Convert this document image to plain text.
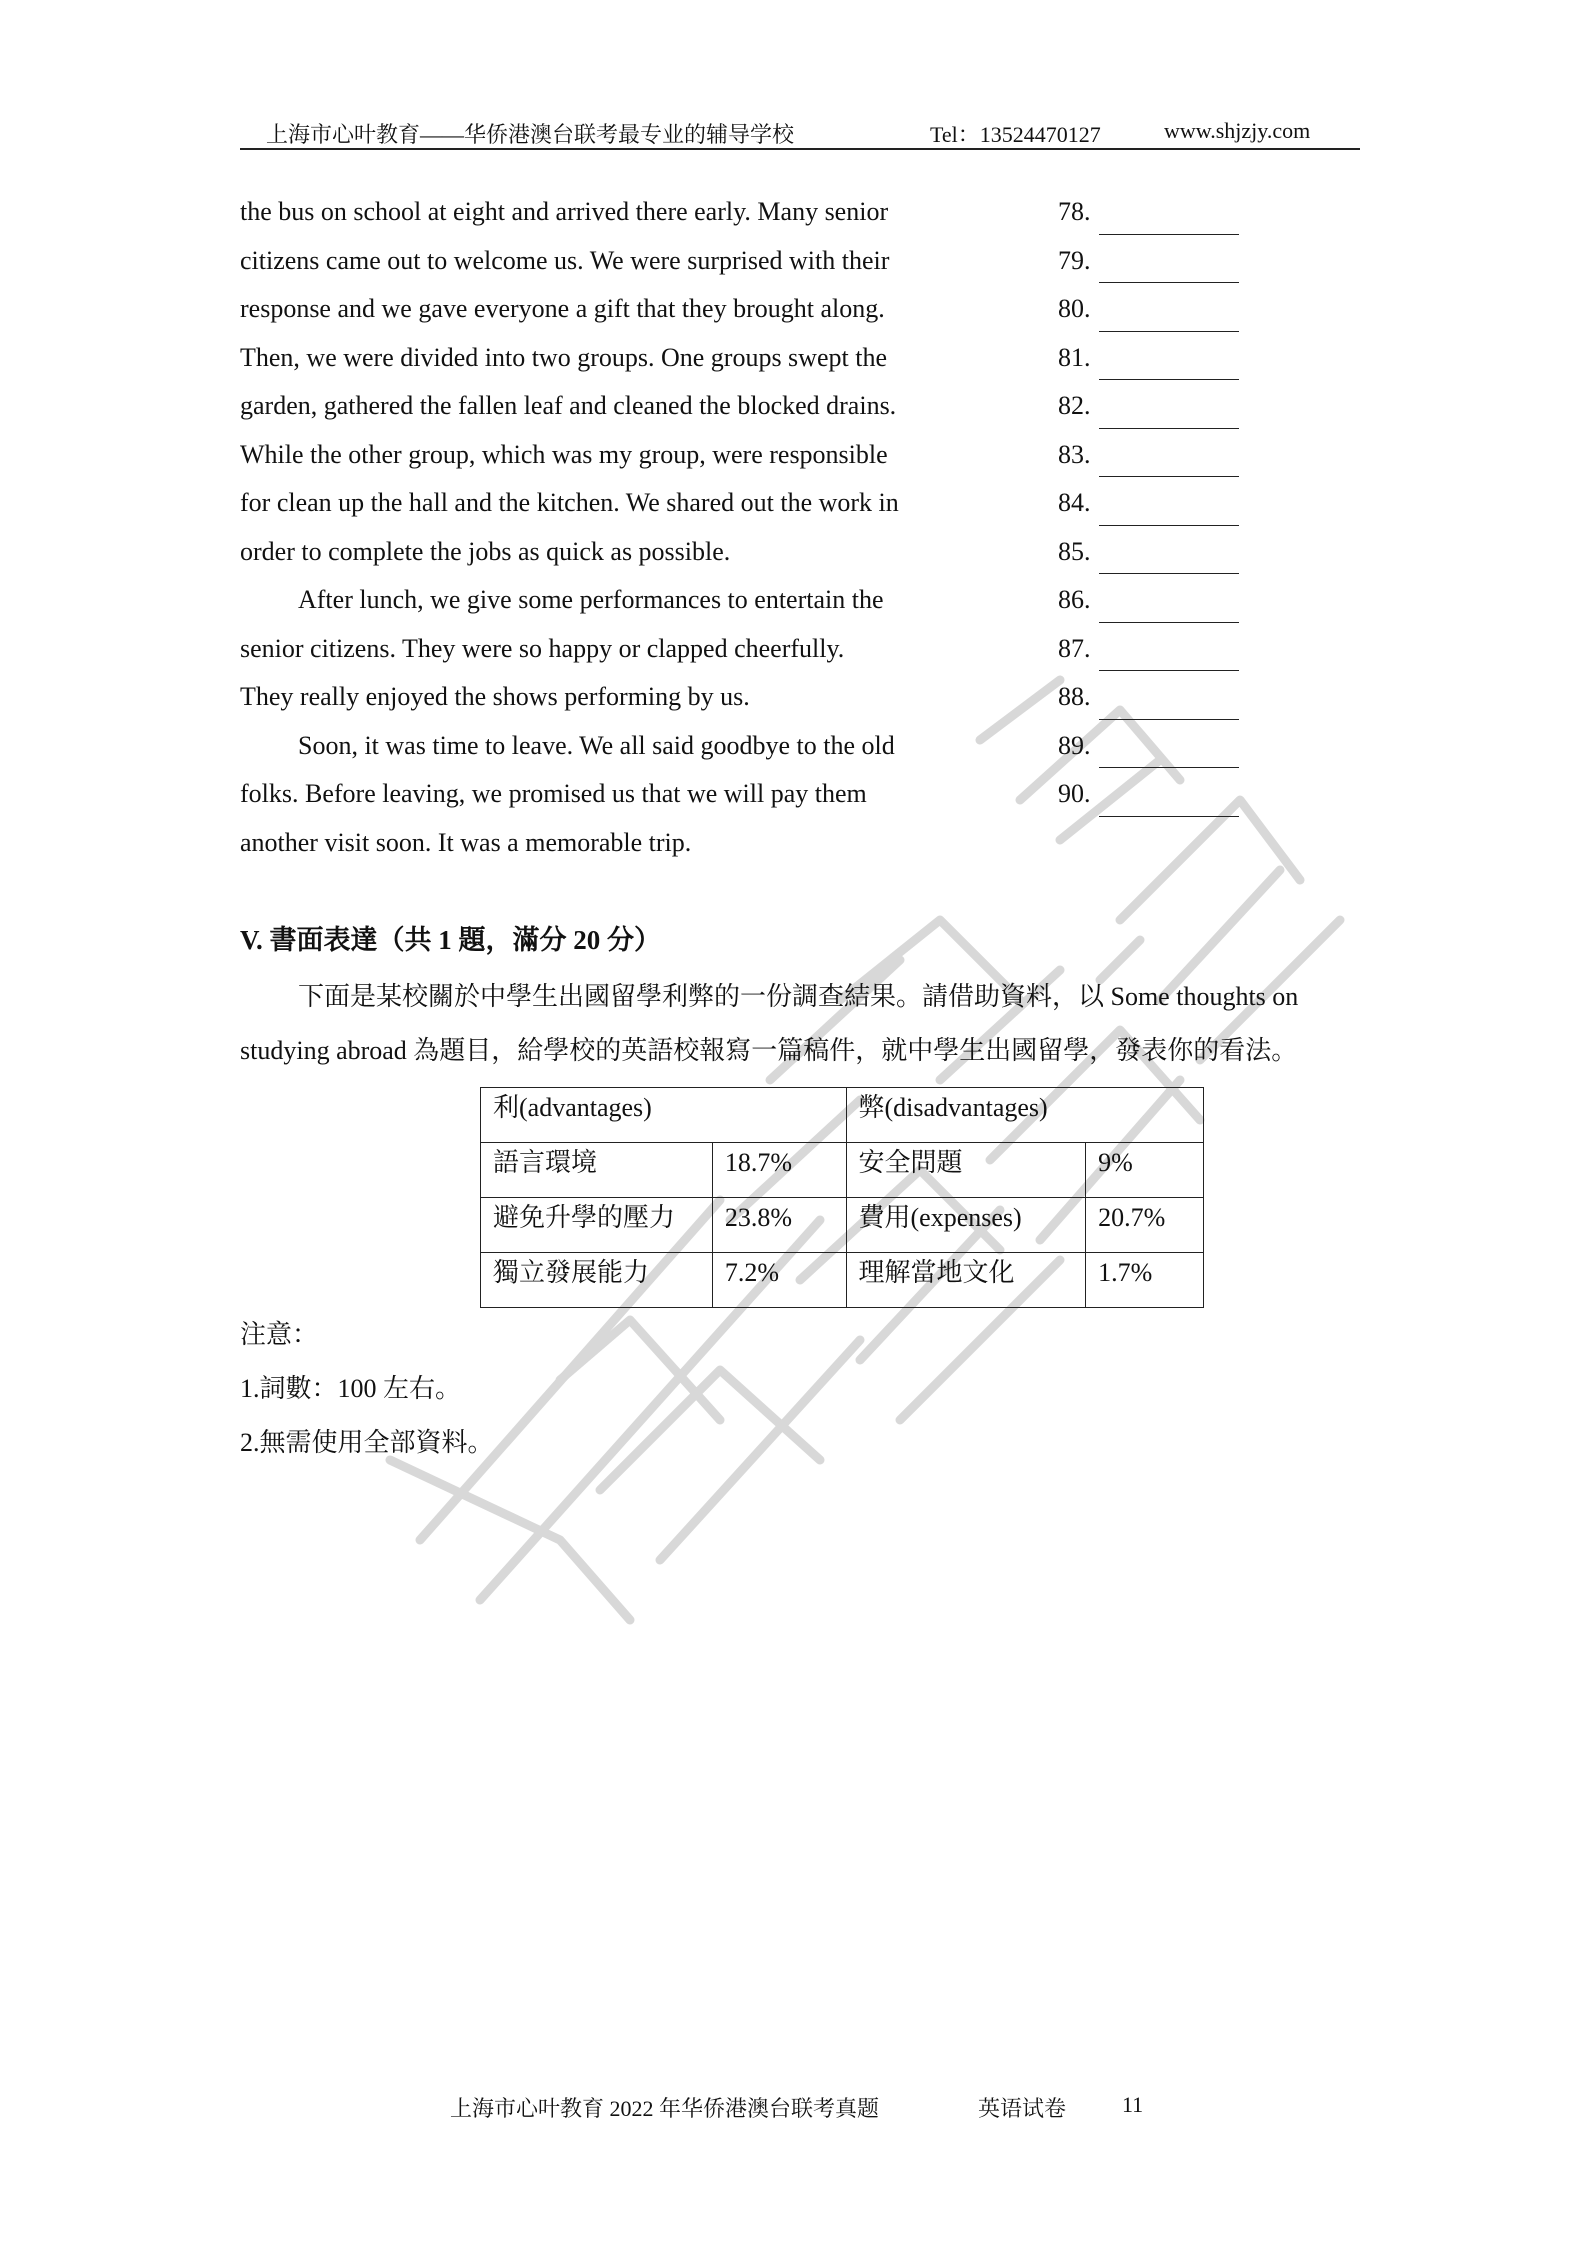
上海市心叶教育——华侨港澳台联考最专业的辅导学校	Tel：13524470127	www.shjzjy.com
the bus on school at eight and arrived there early. Many senior
citizens came out to welcome us. We were surprised with their
response and we gave everyone a gift that they brought along.
Then, we were divided into two groups. One groups swept the
garden, gathered the fallen leaf and cleaned the blocked drains.
While the other group, which was my group, were responsible
for clean up the hall and the kitchen. We shared out the work in
order to complete the jobs as quick as possible.
After lunch, we give some performances to entertain the
senior citizens. They were so happy or clapped cheerfully.
They really enjoyed the shows performing by us.
Soon, it was time to leave. We all said goodbye to the old
folks. Before leaving, we promised us that we will pay them
another visit soon. It was a memorable trip.
78.
79.
80.
81.
82.
83.
84.
85.
86.
87.
88.
89.
90.
V. 書面表達（共 1 題，滿分 20 分）

下面是某校關於中學生出國留學利弊的一份調查結果。請借助資料，以 Some thoughts on

studying abroad 為題目，給學校的英語校報寫一篇稿件，就中學生出國留學，發表你的看法。

利(advantages)		弊(disadvantages)	
語言環境	18.7%	安全問題	9%
避免升學的壓力	23.8%	費用(expenses)	20.7%
獨立發展能力	7.2%	理解當地文化	1.7%

注意：

1.詞數：100 左右。

2.無需使用全部資料。

上海市心叶教育 2022 年华侨港澳台联考真题	英语试卷	11
